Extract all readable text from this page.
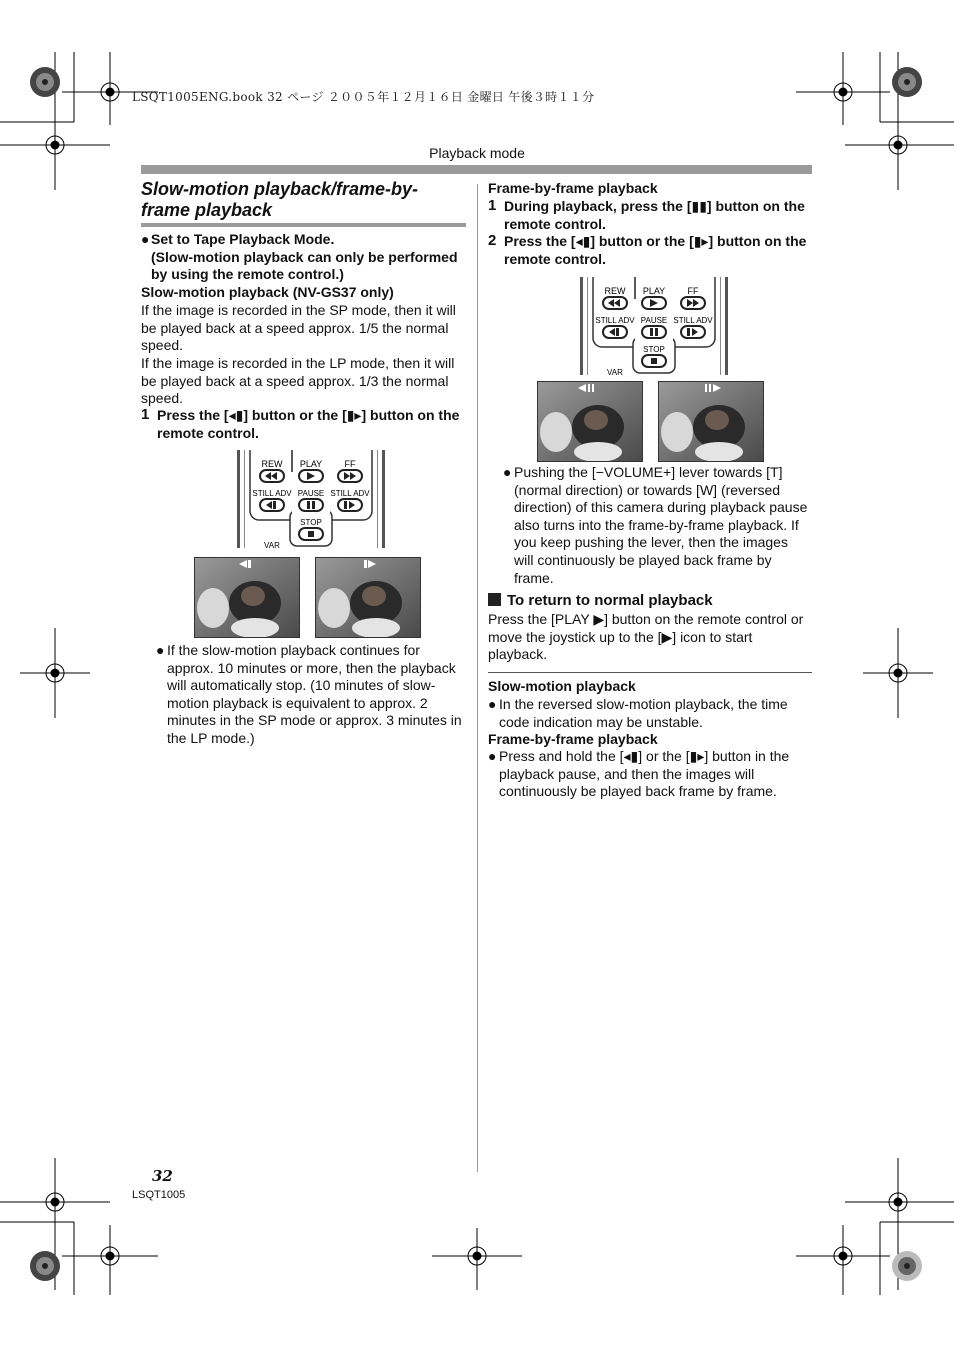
LSQT1005ENG.book 32 ページ ２００５年１２月１６日 金曜日 午後３時１１分
Playback mode
Slow-motion playback/frame-by-frame playback
● Set to Tape Playback Mode.
(Slow-motion playback can only be performed by using the remote control.)
Slow-motion playback (NV-GS37 only)
If the image is recorded in the SP mode, then it will be played back at a speed approx. 1/5 the normal speed.
If the image is recorded in the LP mode, then it will be played back at a speed approx. 1/3 the normal speed.
1 Press the [◂▮] button or the [▮▸] button on the remote control.
REW PLAY FF
STILL ADV PAUSE STILL ADV
STOP
VAR
● If the slow-motion playback continues for approx. 10 minutes or more, then the playback will automatically stop. (10 minutes of slow-motion playback is equivalent to approx. 2 minutes in the SP mode or approx. 3 minutes in the LP mode.)
Frame-by-frame playback
1 During playback, press the [▮▮] button on the remote control.
2 Press the [◂▮] button or the [▮▸] button on the remote control.
REW PLAY FF
STILL ADV PAUSE STILL ADV
STOP
VAR
● Pushing the [−VOLUME+] lever towards [T] (normal direction) or towards [W] (reversed direction) of this camera during playback pause also turns into the frame-by-frame playback. If you keep pushing the lever, then the images will continuously be played back frame by frame.
To return to normal playback
Press the [PLAY ▶] button on the remote control or move the joystick up to the [▶] icon to start playback.
Slow-motion playback
● In the reversed slow-motion playback, the time code indication may be unstable.
Frame-by-frame playback
● Press and hold the [◂▮] or the [▮▸] button in the playback pause, and then the images will continuously be played back frame by frame.
32
LSQT1005
